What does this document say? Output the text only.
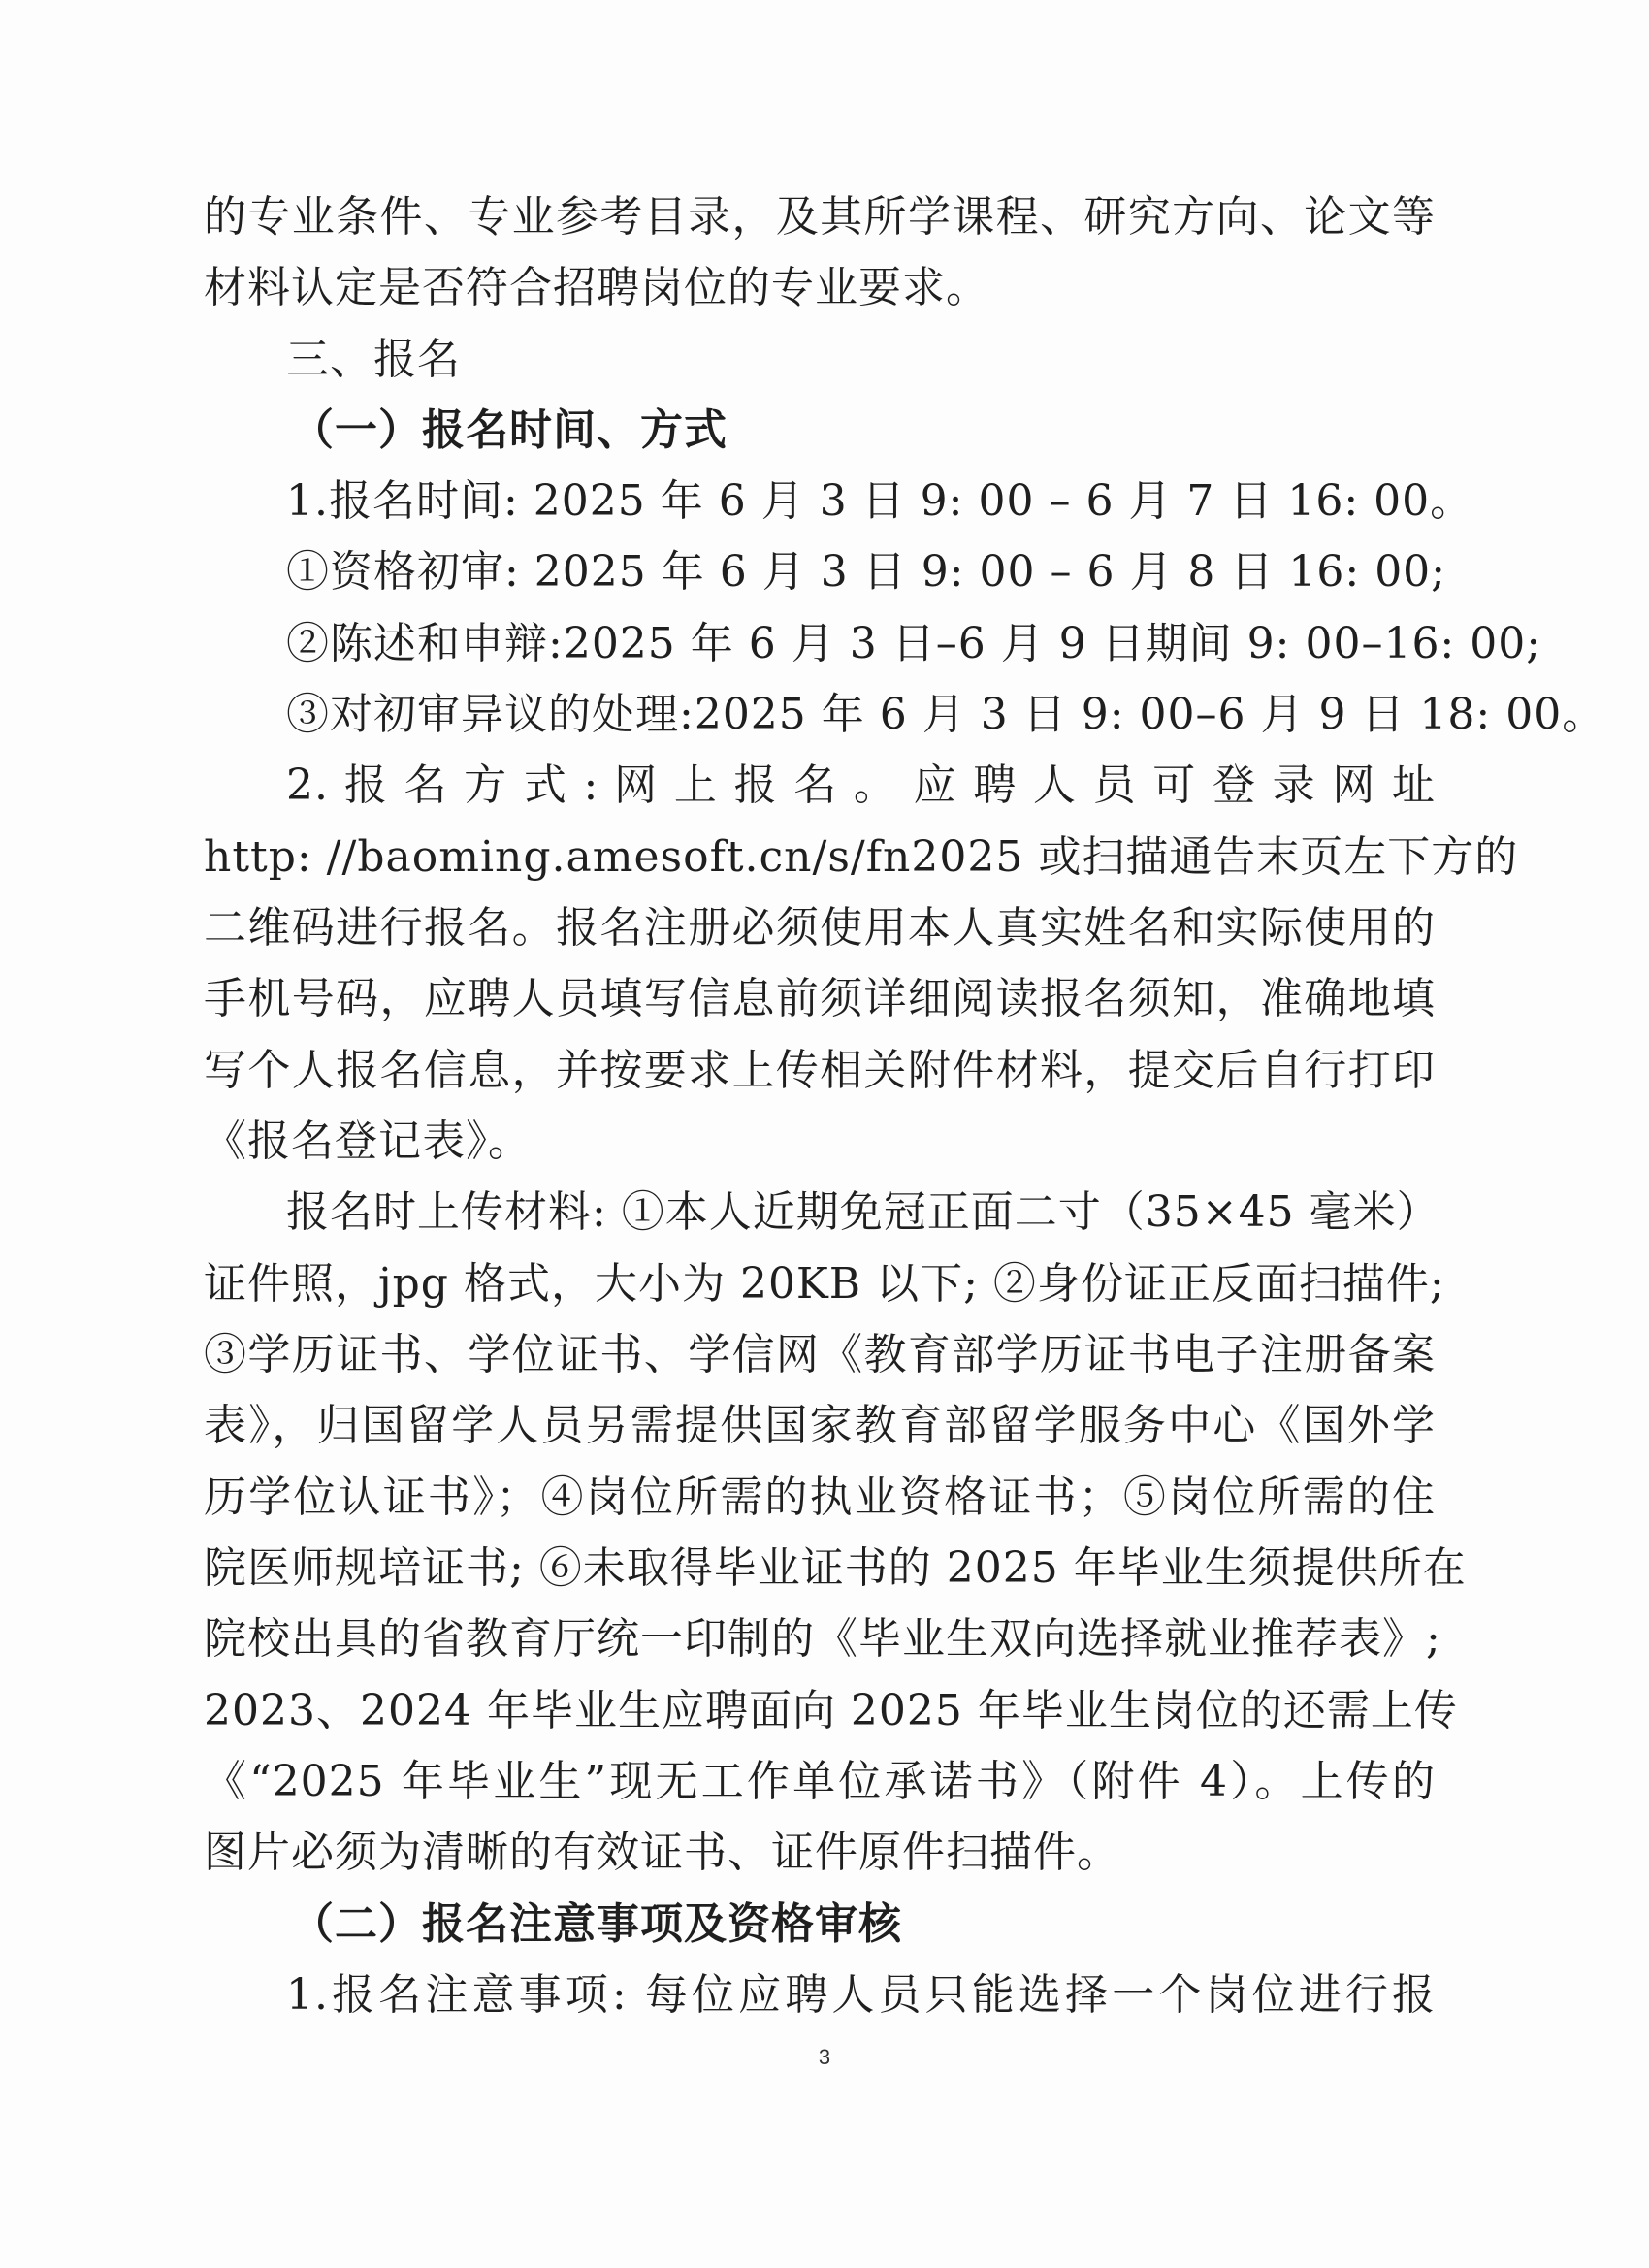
的专业条件、专业参考目录，及其所学课程、研究方向、论文等
材料认定是否符合招聘岗位的专业要求。
三、报名
（一）报名时间、方式
1.报名时间: 2025 年 6 月 3 日 9: 00 – 6 月 7 日 16: 00。
①资格初审: 2025 年 6 月 3 日 9: 00 – 6 月 8 日 16: 00;
②陈述和申辩:2025 年 6 月 3 日–6 月 9 日期间 9: 00–16: 00;
③对初审异议的处理:2025 年 6 月 3 日 9: 00–6 月 9 日 18: 00。
2. 报 名 方 式 : 网 上 报 名 。 应 聘 人 员 可 登 录 网 址
http: //baoming.amesoft.cn/s/fn2025 或扫描通告末页左下方的
二维码进行报名。报名注册必须使用本人真实姓名和实际使用的
手机号码，应聘人员填写信息前须详细阅读报名须知，准确地填
写个人报名信息，并按要求上传相关附件材料，提交后自行打印
《报名登记表》。
报名时上传材料: ①本人近期免冠正面二寸（35×45 毫米）
证件照，jpg 格式，大小为 20KB 以下; ②身份证正反面扫描件;
③学历证书、学位证书、学信网《教育部学历证书电子注册备案
表》，归国留学人员另需提供国家教育部留学服务中心《国外学
历学位认证书》；④岗位所需的执业资格证书；⑤岗位所需的住
院医师规培证书; ⑥未取得毕业证书的 2025 年毕业生须提供所在
院校出具的省教育厅统一印制的《毕业生双向选择就业推荐表》;
2023、2024 年毕业生应聘面向 2025 年毕业生岗位的还需上传
《“2025 年毕业生”现无工作单位承诺书》（附件 4）。上传的
图片必须为清晰的有效证书、证件原件扫描件。
（二）报名注意事项及资格审核
1.报名注意事项: 每位应聘人员只能选择一个岗位进行报
3
